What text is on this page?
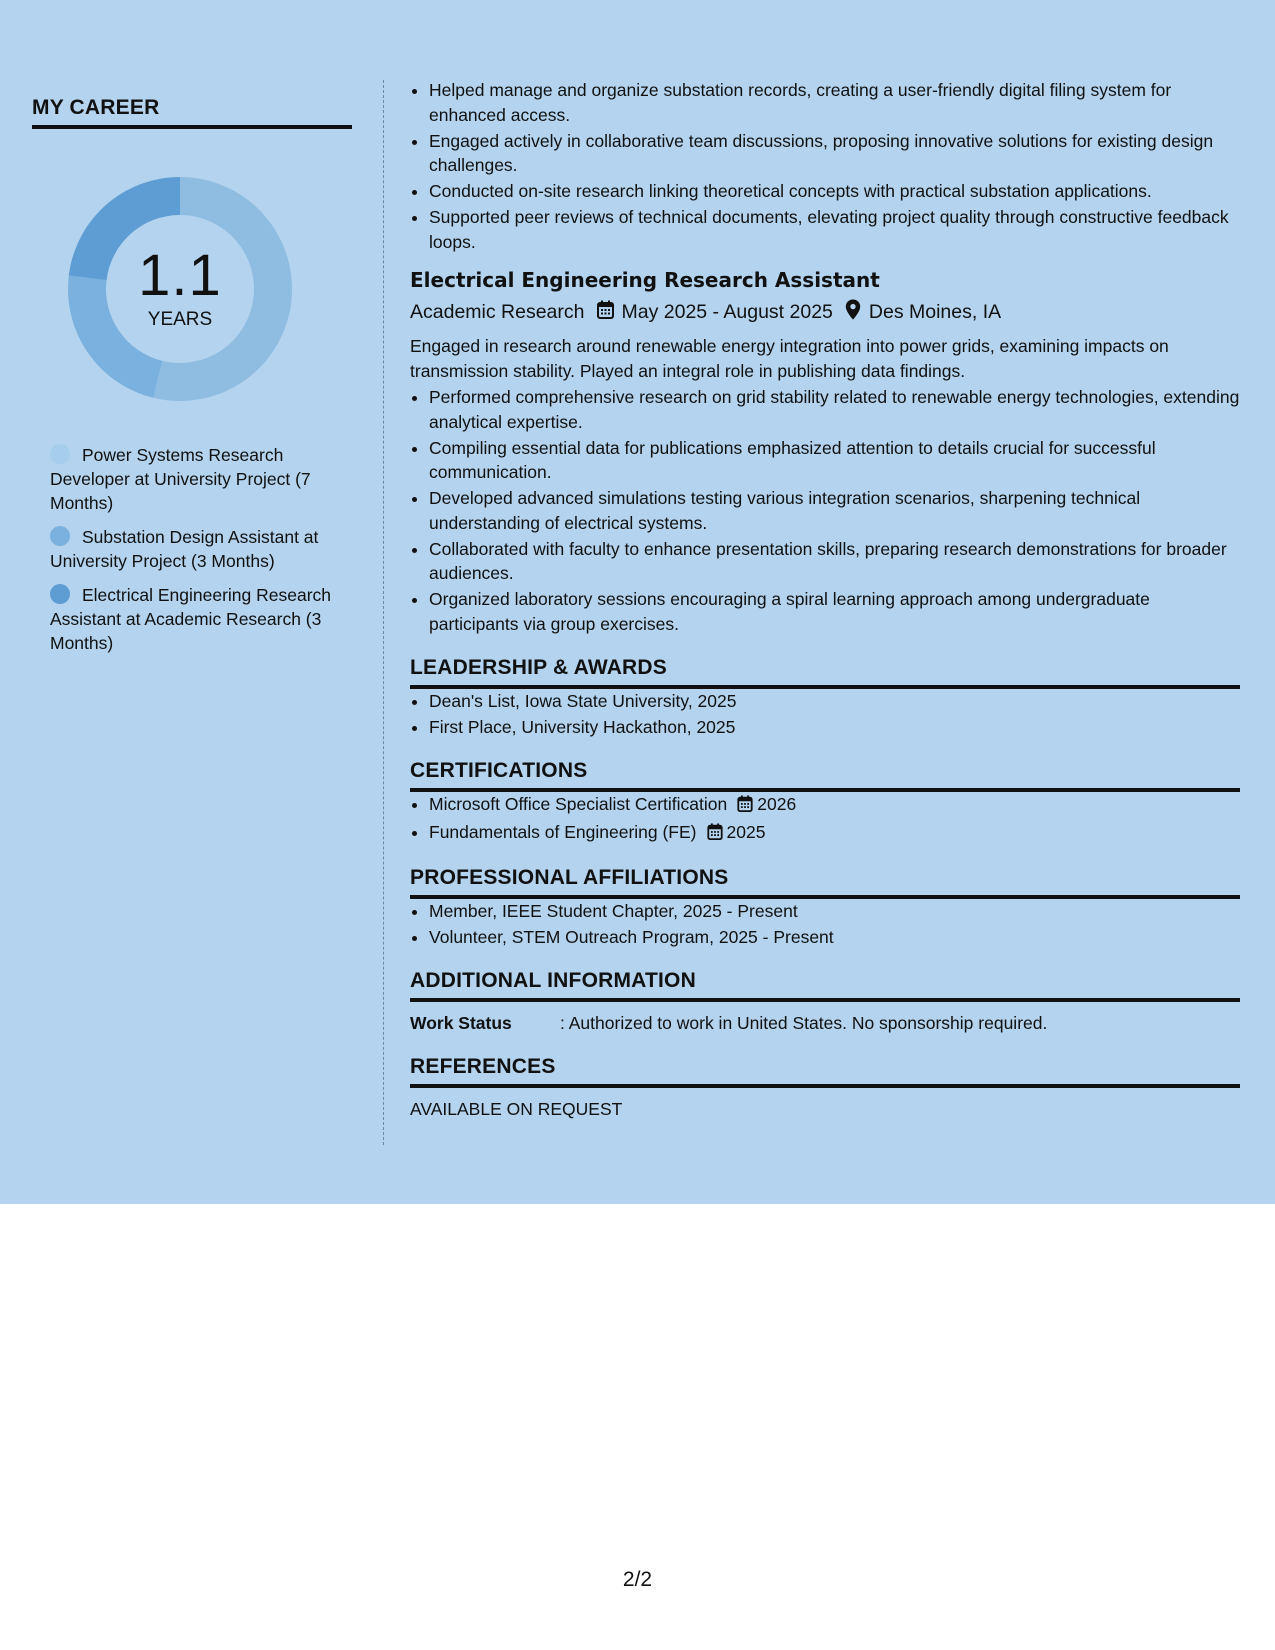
MY CAREER
1.1
YEARS
Power Systems Research Developer at University Project (7 Months)
Substation Design Assistant at University Project (3 Months)
Electrical Engineering Research Assistant at Academic Research (3 Months)
• Helped manage and organize substation records, creating a user-friendly digital filing system for enhanced access.
• Engaged actively in collaborative team discussions, proposing innovative solutions for existing design challenges.
• Conducted on-site research linking theoretical concepts with practical substation applications.
• Supported peer reviews of technical documents, elevating project quality through constructive feedback loops.
Electrical Engineering Research Assistant
Academic Research May 2025 - August 2025 Des Moines, IA

Engaged in research around renewable energy integration into power grids, examining impacts on transmission stability. Played an integral role in publishing data findings.

• Performed comprehensive research on grid stability related to renewable energy technologies, extending analytical expertise.
• Compiling essential data for publications emphasized attention to details crucial for successful communication.
• Developed advanced simulations testing various integration scenarios, sharpening technical understanding of electrical systems.
• Collaborated with faculty to enhance presentation skills, preparing research demonstrations for broader audiences.
• Organized laboratory sessions encouraging a spiral learning approach among undergraduate participants via group exercises.
LEADERSHIP & AWARDS
• Dean's List, Iowa State University, 2025
• First Place, University Hackathon, 2025
CERTIFICATIONS
• Microsoft Office Specialist Certification 2026
• Fundamentals of Engineering (FE) 2025
PROFESSIONAL AFFILIATIONS
• Member, IEEE Student Chapter, 2025 - Present
• Volunteer, STEM Outreach Program, 2025 - Present
ADDITIONAL INFORMATION
Work Status	: Authorized to work in United States. No sponsorship required.
REFERENCES
AVAILABLE ON REQUEST
2/2
